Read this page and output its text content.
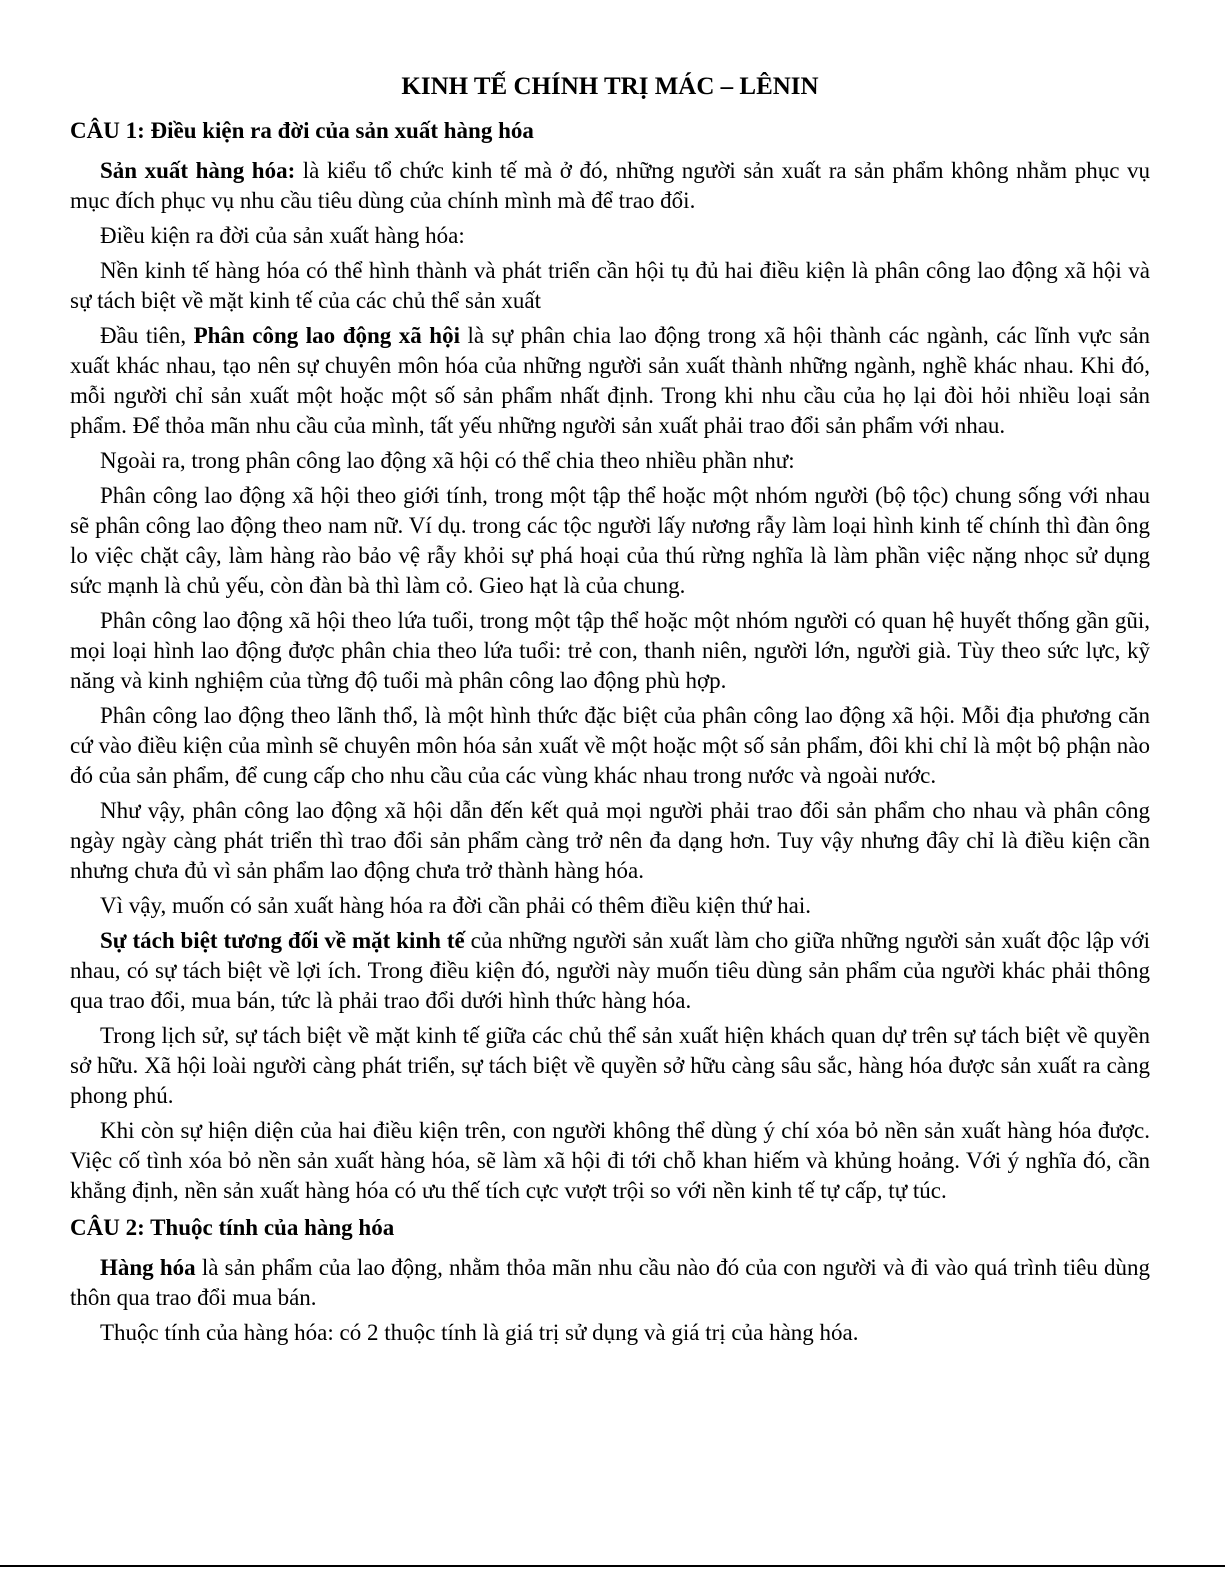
KINH TẾ CHÍNH TRỊ MÁC – LÊNIN
CÂU 1: Điều kiện ra đời của sản xuất hàng hóa

Sản xuất hàng hóa: là kiểu tổ chức kinh tế mà ở đó, những người sản xuất ra sản phẩm không nhằm phục vụ mục đích phục vụ nhu cầu tiêu dùng của chính mình mà để trao đổi.

Điều kiện ra đời của sản xuất hàng hóa:

Nền kinh tế hàng hóa có thể hình thành và phát triển cần hội tụ đủ hai điều kiện là phân công lao động xã hội và sự tách biệt về mặt kinh tế của các chủ thể sản xuất

Đầu tiên, Phân công lao động xã hội là sự phân chia lao động trong xã hội thành các ngành, các lĩnh vực sản xuất khác nhau, tạo nên sự chuyên môn hóa của những người sản xuất thành những ngành, nghề khác nhau. Khi đó, mỗi người chỉ sản xuất một hoặc một số sản phẩm nhất định. Trong khi nhu cầu của họ lại đòi hỏi nhiều loại sản phẩm. Để thỏa mãn nhu cầu của mình, tất yếu những người sản xuất phải trao đổi sản phẩm với nhau.

Ngoài ra, trong phân công lao động xã hội có thể chia theo nhiều phần như:

Phân công lao động xã hội theo giới tính, trong một tập thể hoặc một nhóm người (bộ tộc) chung sống với nhau sẽ phân công lao động theo nam nữ. Ví dụ. trong các tộc người lấy nương rẫy làm loại hình kinh tế chính thì đàn ông lo việc chặt cây, làm hàng rào bảo vệ rẫy khỏi sự phá hoại của thú rừng nghĩa là làm phần việc nặng nhọc sử dụng sức mạnh là chủ yếu, còn đàn bà thì làm cỏ. Gieo hạt là của chung.

Phân công lao động xã hội theo lứa tuổi, trong một tập thể hoặc một nhóm người có quan hệ huyết thống gần gũi, mọi loại hình lao động được phân chia theo lứa tuổi: trẻ con, thanh niên, người lớn, người già. Tùy theo sức lực, kỹ năng và kinh nghiệm của từng độ tuổi mà phân công lao động phù hợp.

Phân công lao động theo lãnh thổ, là một hình thức đặc biệt của phân công lao động xã hội. Mỗi địa phương căn cứ vào điều kiện của mình sẽ chuyên môn hóa sản xuất về một hoặc một số sản phẩm, đôi khi chỉ là một bộ phận nào đó của sản phẩm, để cung cấp cho nhu cầu của các vùng khác nhau trong nước và ngoài nước.

Như vậy, phân công lao động xã hội dẫn đến kết quả mọi người phải trao đổi sản phẩm cho nhau và phân công ngày ngày càng phát triển thì trao đổi sản phẩm càng trở nên đa dạng hơn. Tuy vậy nhưng đây chỉ là điều kiện cần nhưng chưa đủ vì sản phẩm lao động chưa trở thành hàng hóa.

Vì vậy, muốn có sản xuất hàng hóa ra đời cần phải có thêm điều kiện thứ hai.

Sự tách biệt tương đối về mặt kinh tế của những người sản xuất làm cho giữa những người sản xuất độc lập với nhau, có sự tách biệt về lợi ích. Trong điều kiện đó, người này muốn tiêu dùng sản phẩm của người khác phải thông qua trao đổi, mua bán, tức là phải trao đổi dưới hình thức hàng hóa.

Trong lịch sử, sự tách biệt về mặt kinh tế giữa các chủ thể sản xuất hiện khách quan dự trên sự tách biệt về quyền sở hữu. Xã hội loài người càng phát triển, sự tách biệt về quyền sở hữu càng sâu sắc, hàng hóa được sản xuất ra càng phong phú.

Khi còn sự hiện diện của hai điều kiện trên, con người không thể dùng ý chí xóa bỏ nền sản xuất hàng hóa được. Việc cố tình xóa bỏ nền sản xuất hàng hóa, sẽ làm xã hội đi tới chỗ khan hiếm và khủng hoảng. Với ý nghĩa đó, cần khẳng định, nền sản xuất hàng hóa có ưu thế tích cực vượt trội so với nền kinh tế tự cấp, tự túc.

CÂU 2: Thuộc tính của hàng hóa

Hàng hóa là sản phẩm của lao động, nhằm thỏa mãn nhu cầu nào đó của con người và đi vào quá trình tiêu dùng thôn qua trao đổi mua bán.

Thuộc tính của hàng hóa: có 2 thuộc tính là giá trị sử dụng và giá trị của hàng hóa.
